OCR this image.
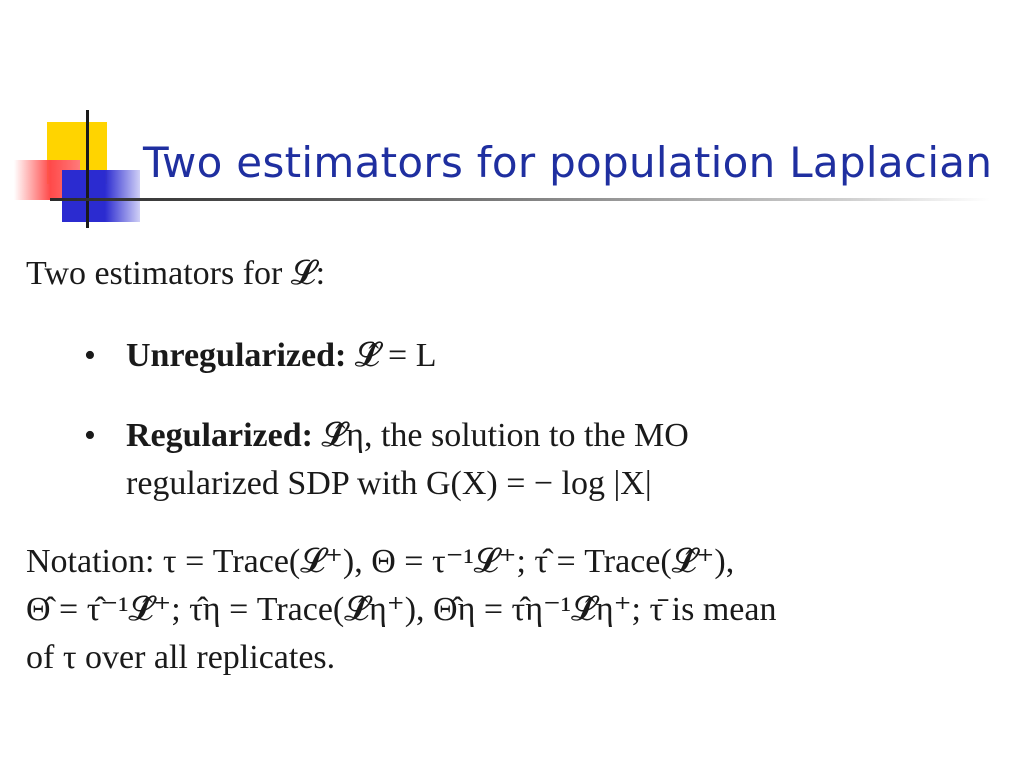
Two estimators for population Laplacian
Two estimators for 𝓛:
• Unregularized: 𝓛̂ = L
• Regularized: 𝓛̂η, the solution to the MO
regularized SDP with G(X) = − log |X|
Notation: τ = Trace(𝓛⁺), Θ = τ⁻¹𝓛⁺; τ̂ = Trace(𝓛̂⁺),
Θ̂ = τ̂⁻¹𝓛̂⁺; τ̂η = Trace(𝓛̂η⁺), Θ̂η = τ̂η⁻¹𝓛̂η⁺; τ̄ is mean
of τ over all replicates.
